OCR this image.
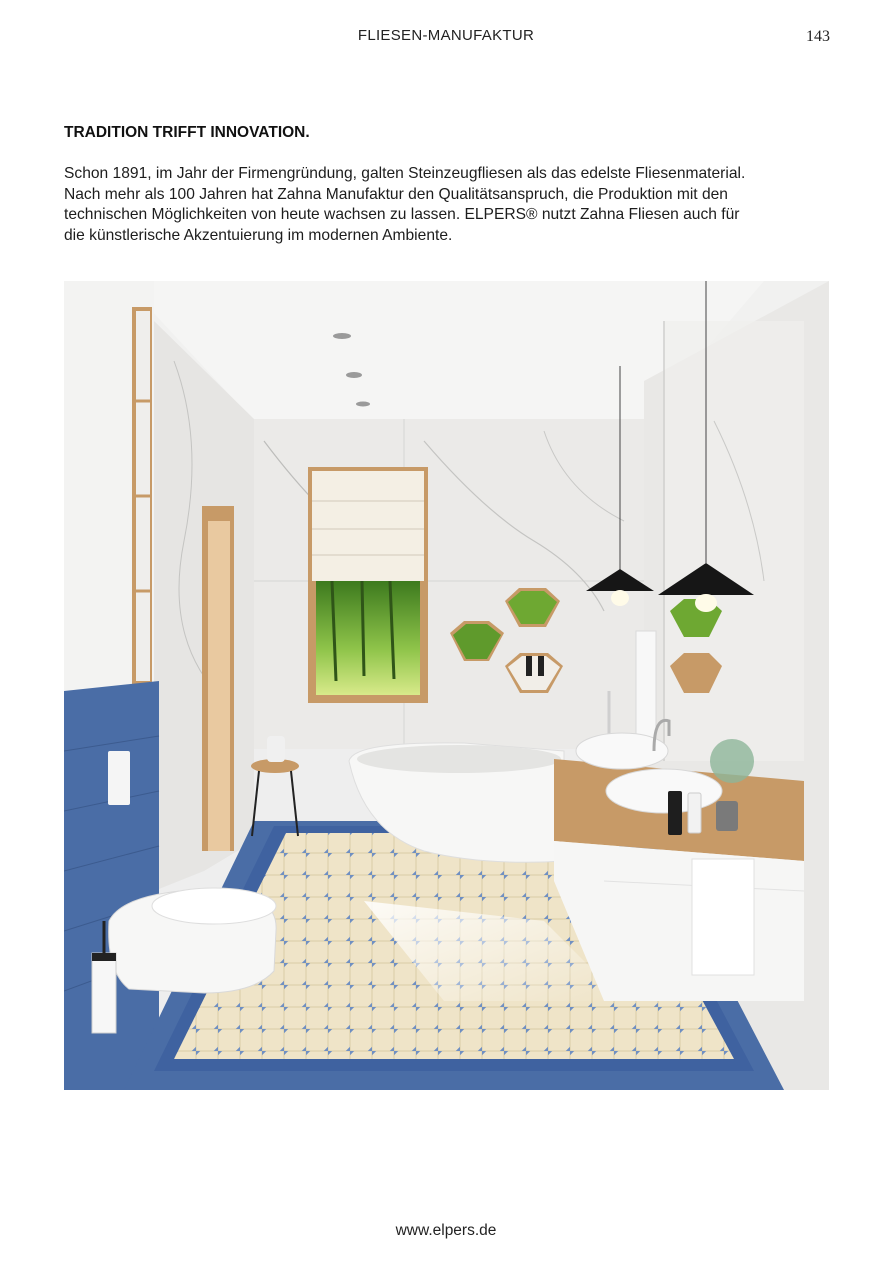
FLIESEN-MANUFAKTUR	143
TRADITION TRIFFT INNOVATION.
Schon 1891, im Jahr der Firmengründung, galten Steinzeugfliesen als das edelste Fliesenmaterial.
Nach mehr als 100 Jahren hat Zahna Manufaktur den Qualitätsanspruch, die Produktion mit den
technischen Möglichkeiten von heute wachsen zu lassen. ELPERS® nutzt Zahna Fliesen auch für
die künstlerische Akzentuierung im modernen Ambiente.
www.elpers.de
